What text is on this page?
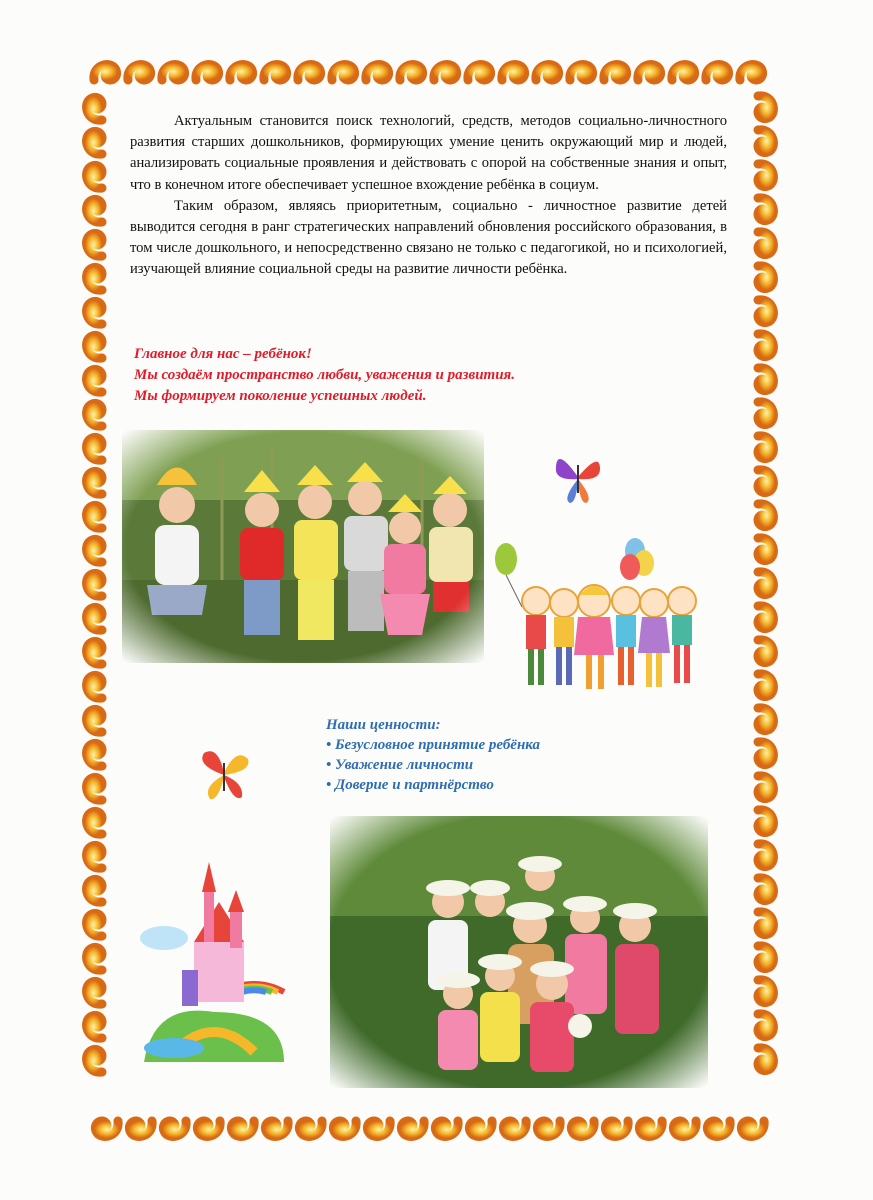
Актуальным становится поиск технологий, средств, методов социально-личностного развития старших дошкольников, формирующих умение ценить окружающий мир и людей, анализировать социальные проявления и действовать с опорой на собственные знания и опыт, что в конечном итоге обеспечивает успешное вхождение ребёнка в социум.

Таким образом, являясь приоритетным, социально - личностное развитие детей выводится сегодня в ранг стратегических направлений обновления российского образования, в том числе дошкольного, и непосредственно связано не только с педагогикой, но и психологией, изучающей влияние социальной среды на развитие личности ребёнка.

Главное для нас – ребёнок!
Мы создаём пространство любви, уважения и развития.
Мы формируем поколение успешных людей.
Наши ценности:
• Безусловное принятие ребёнка
• Уважение личности
• Доверие и партнёрство
